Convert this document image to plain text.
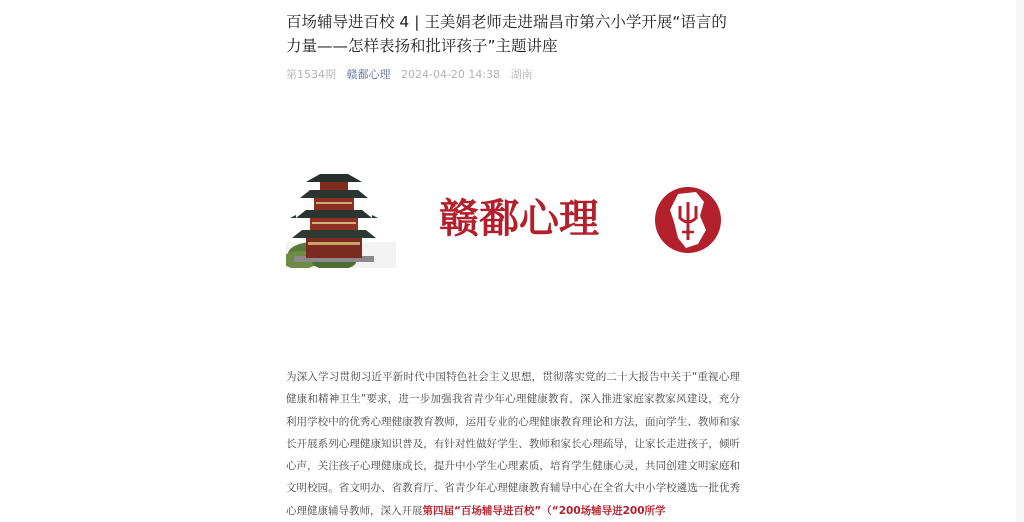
百场辅导进百校 4 | 王美娟老师走进瑞昌市第六小学开展“语言的力量——怎样表扬和批评孩子”主题讲座
第1534期 赣鄱心理 2024-04-20 14:38 湖南
赣鄱心理

为深入学习贯彻习近平新时代中国特色社会主义思想，贯彻落实党的二十大报告中关于“重视心理健康和精神卫生”要求，进一步加强我省青少年心理健康教育，深入推进家庭家教家风建设，充分利用学校中的优秀心理健康教育教师，运用专业的心理健康教育理论和方法，面向学生、教师和家长开展系列心理健康知识普及，有针对性做好学生、教师和家长心理疏导，让家长走进孩子，倾听心声，关注孩子心理健康成长，提升中小学生心理素质，培育学生健康心灵，共同创建文明家庭和文明校园。省文明办、省教育厅、省青少年心理健康教育辅导中心在全省大中小学校遴选一批优秀心理健康辅导教师，深入开展第四届“百场辅导进百校”（“200场辅导进200所学
